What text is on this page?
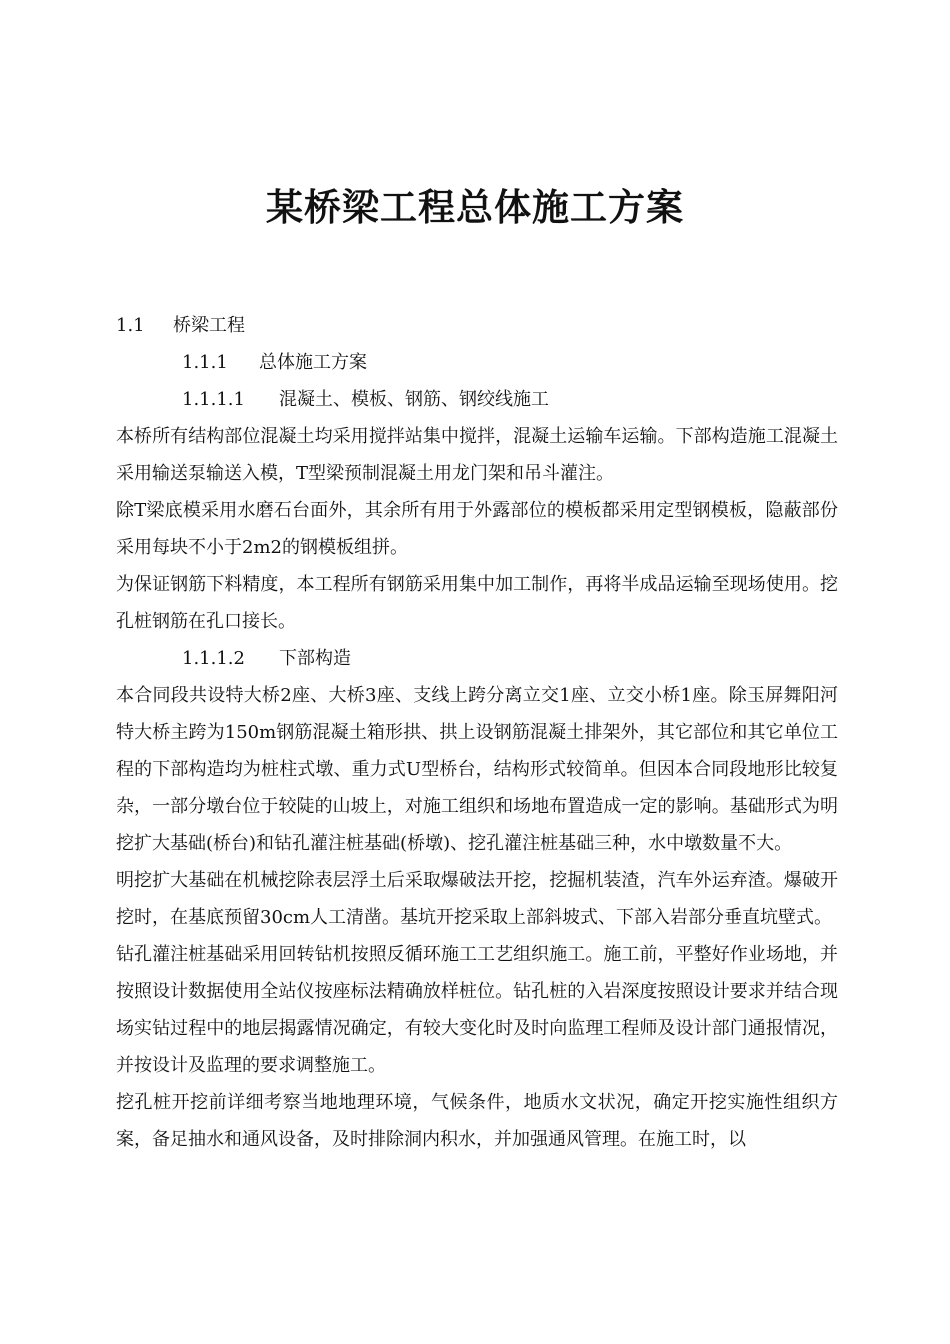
某桥梁工程总体施工方案
1.1 桥梁工程
1.1.1 总体施工方案
1.1.1.1 混凝土、模板、钢筋、钢绞线施工

本桥所有结构部位混凝土均采用搅拌站集中搅拌，混凝土运输车运输。下部构造施工混凝土采用输送泵输送入模，T型梁预制混凝土用龙门架和吊斗灌注。

除T梁底模采用水磨石台面外，其余所有用于外露部位的模板都采用定型钢模板，隐蔽部份采用每块不小于2m2的钢模板组拼。

为保证钢筋下料精度，本工程所有钢筋采用集中加工制作，再将半成品运输至现场使用。挖孔桩钢筋在孔口接长。

1.1.1.2 下部构造

本合同段共设特大桥2座、大桥3座、支线上跨分离立交1座、立交小桥1座。除玉屏舞阳河特大桥主跨为150m钢筋混凝土箱形拱、拱上设钢筋混凝土排架外，其它部位和其它单位工程的下部构造均为桩柱式墩、重力式U型桥台，结构形式较简单。但因本合同段地形比较复杂，一部分墩台位于较陡的山坡上，对施工组织和场地布置造成一定的影响。基础形式为明挖扩大基础(桥台)和钻孔灌注桩基础(桥墩)、挖孔灌注桩基础三种，水中墩数量不大。

明挖扩大基础在机械挖除表层浮土后采取爆破法开挖，挖掘机装渣，汽车外运弃渣。爆破开挖时，在基底预留30cm人工清凿。基坑开挖采取上部斜坡式、下部入岩部分垂直坑壁式。

钻孔灌注桩基础采用回转钻机按照反循环施工工艺组织施工。施工前，平整好作业场地，并按照设计数据使用全站仪按座标法精确放样桩位。钻孔桩的入岩深度按照设计要求并结合现场实钻过程中的地层揭露情况确定，有较大变化时及时向监理工程师及设计部门通报情况，并按设计及监理的要求调整施工。

挖孔桩开挖前详细考察当地地理环境，气候条件，地质水文状况，确定开挖实施性组织方案，备足抽水和通风设备，及时排除洞内积水，并加强通风管理。在施工时，以
